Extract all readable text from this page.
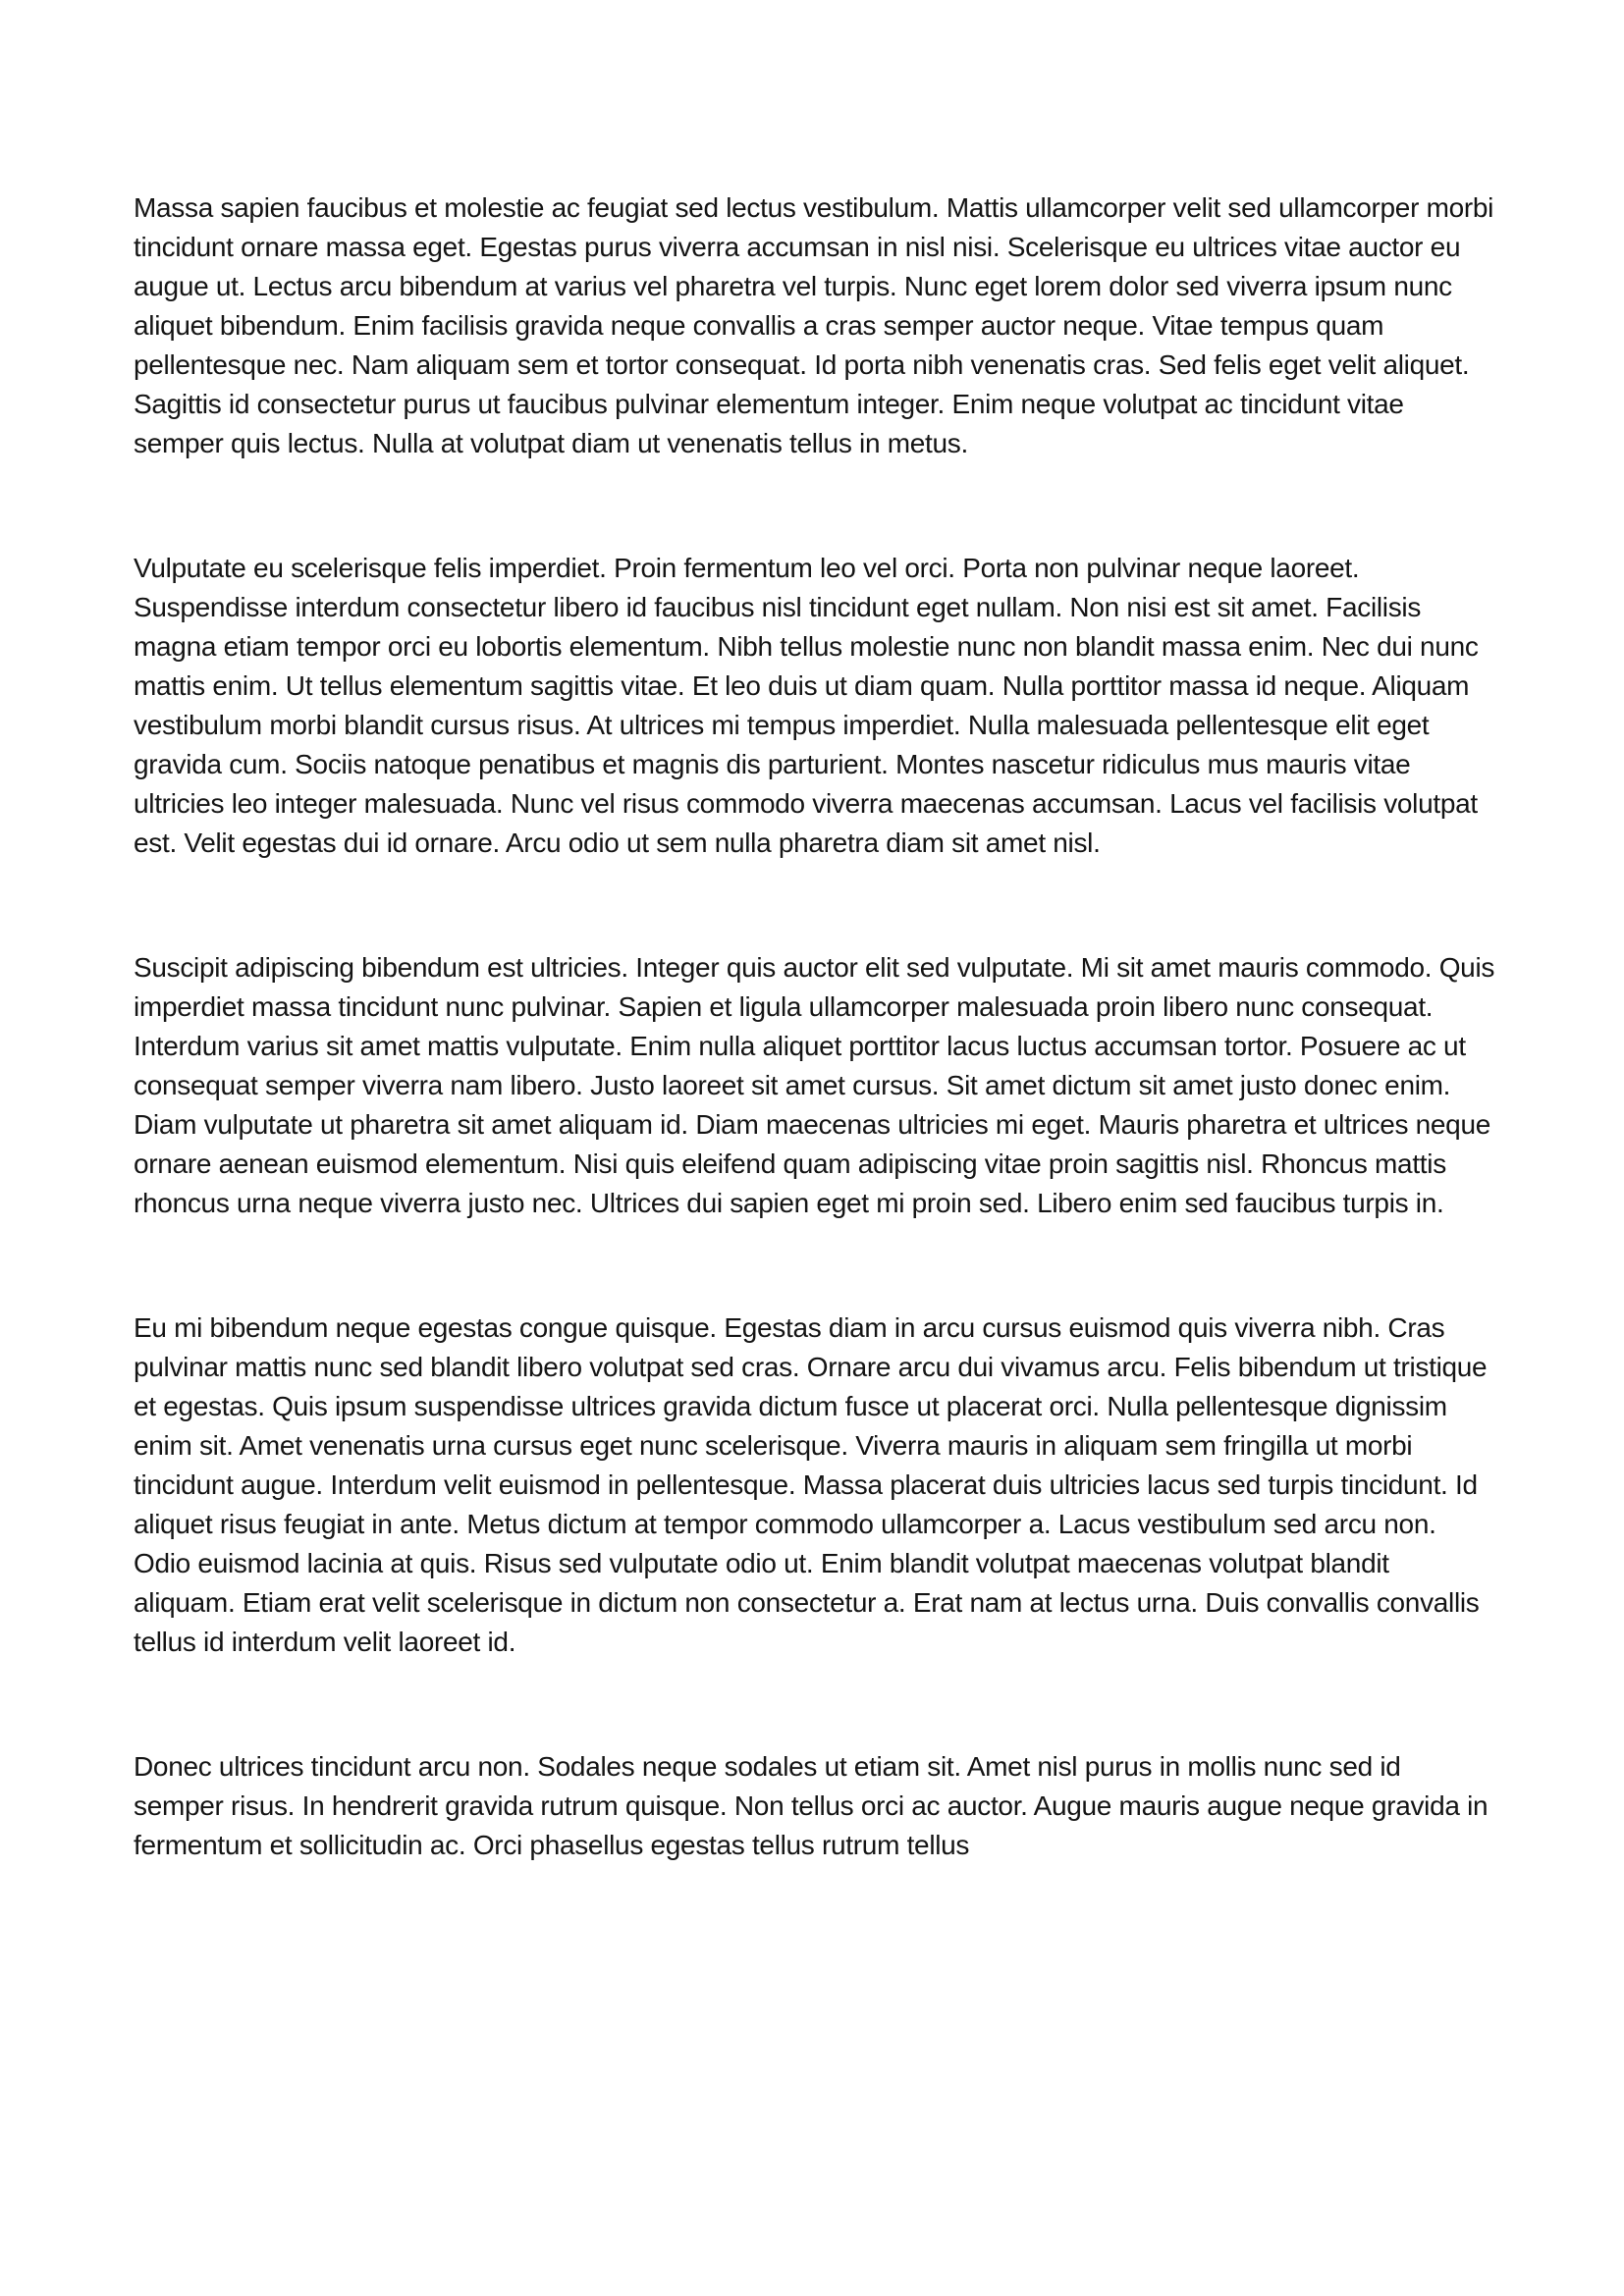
Massa sapien faucibus et molestie ac feugiat sed lectus vestibulum. Mattis ullamcorper velit sed ullamcorper morbi tincidunt ornare massa eget. Egestas purus viverra accumsan in nisl nisi. Scelerisque eu ultrices vitae auctor eu augue ut. Lectus arcu bibendum at varius vel pharetra vel turpis. Nunc eget lorem dolor sed viverra ipsum nunc aliquet bibendum. Enim facilisis gravida neque convallis a cras semper auctor neque. Vitae tempus quam pellentesque nec. Nam aliquam sem et tortor consequat. Id porta nibh venenatis cras. Sed felis eget velit aliquet. Sagittis id consectetur purus ut faucibus pulvinar elementum integer. Enim neque volutpat ac tincidunt vitae semper quis lectus. Nulla at volutpat diam ut venenatis tellus in metus.

Vulputate eu scelerisque felis imperdiet. Proin fermentum leo vel orci. Porta non pulvinar neque laoreet. Suspendisse interdum consectetur libero id faucibus nisl tincidunt eget nullam. Non nisi est sit amet. Facilisis magna etiam tempor orci eu lobortis elementum. Nibh tellus molestie nunc non blandit massa enim. Nec dui nunc mattis enim. Ut tellus elementum sagittis vitae. Et leo duis ut diam quam. Nulla porttitor massa id neque. Aliquam vestibulum morbi blandit cursus risus. At ultrices mi tempus imperdiet. Nulla malesuada pellentesque elit eget gravida cum. Sociis natoque penatibus et magnis dis parturient. Montes nascetur ridiculus mus mauris vitae ultricies leo integer malesuada. Nunc vel risus commodo viverra maecenas accumsan. Lacus vel facilisis volutpat est. Velit egestas dui id ornare. Arcu odio ut sem nulla pharetra diam sit amet nisl.

Suscipit adipiscing bibendum est ultricies. Integer quis auctor elit sed vulputate. Mi sit amet mauris commodo. Quis imperdiet massa tincidunt nunc pulvinar. Sapien et ligula ullamcorper malesuada proin libero nunc consequat. Interdum varius sit amet mattis vulputate. Enim nulla aliquet porttitor lacus luctus accumsan tortor. Posuere ac ut consequat semper viverra nam libero. Justo laoreet sit amet cursus. Sit amet dictum sit amet justo donec enim. Diam vulputate ut pharetra sit amet aliquam id. Diam maecenas ultricies mi eget. Mauris pharetra et ultrices neque ornare aenean euismod elementum. Nisi quis eleifend quam adipiscing vitae proin sagittis nisl. Rhoncus mattis rhoncus urna neque viverra justo nec. Ultrices dui sapien eget mi proin sed. Libero enim sed faucibus turpis in.

Eu mi bibendum neque egestas congue quisque. Egestas diam in arcu cursus euismod quis viverra nibh. Cras pulvinar mattis nunc sed blandit libero volutpat sed cras. Ornare arcu dui vivamus arcu. Felis bibendum ut tristique et egestas. Quis ipsum suspendisse ultrices gravida dictum fusce ut placerat orci. Nulla pellentesque dignissim enim sit. Amet venenatis urna cursus eget nunc scelerisque. Viverra mauris in aliquam sem fringilla ut morbi tincidunt augue. Interdum velit euismod in pellentesque. Massa placerat duis ultricies lacus sed turpis tincidunt. Id aliquet risus feugiat in ante. Metus dictum at tempor commodo ullamcorper a. Lacus vestibulum sed arcu non. Odio euismod lacinia at quis. Risus sed vulputate odio ut. Enim blandit volutpat maecenas volutpat blandit aliquam. Etiam erat velit scelerisque in dictum non consectetur a. Erat nam at lectus urna. Duis convallis convallis tellus id interdum velit laoreet id.

Donec ultrices tincidunt arcu non. Sodales neque sodales ut etiam sit. Amet nisl purus in mollis nunc sed id semper risus. In hendrerit gravida rutrum quisque. Non tellus orci ac auctor. Augue mauris augue neque gravida in fermentum et sollicitudin ac. Orci phasellus egestas tellus rutrum tellus
